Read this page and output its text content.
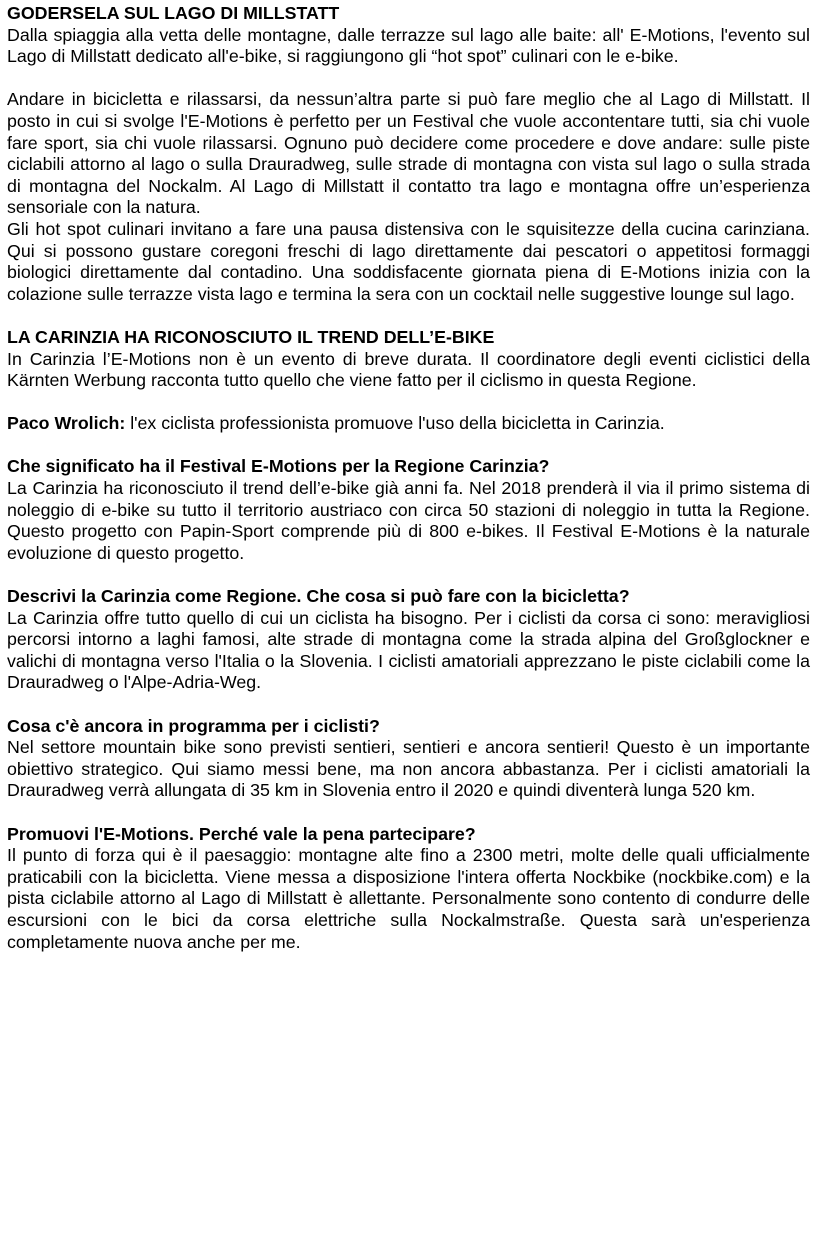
GODERSELA SUL LAGO DI MILLSTATT

Dalla spiaggia alla vetta delle montagne, dalle terrazze sul lago alle baite: all' E-Motions, l'evento sul Lago di Millstatt dedicato all'e-bike, si raggiungono gli “hot spot” culinari con le e-bike.

Andare in bicicletta e rilassarsi, da nessun’altra parte si può fare meglio che al Lago di Millstatt. Il posto in cui si svolge l'E-Motions è perfetto per un Festival che vuole accontentare tutti, sia chi vuole fare sport, sia chi vuole rilassarsi. Ognuno può decidere come procedere e dove andare: sulle piste ciclabili attorno al lago o sulla Drauradweg, sulle strade di montagna con vista sul lago o sulla strada di montagna del Nockalm. Al Lago di Millstatt il contatto tra lago e montagna offre un’esperienza sensoriale con la natura.

Gli hot spot culinari invitano a fare una pausa distensiva con le squisitezze della cucina carinziana. Qui si possono gustare coregoni freschi di lago direttamente dai pescatori o appetitosi formaggi biologici direttamente dal contadino. Una soddisfacente giornata piena di E-Motions inizia con la colazione sulle terrazze vista lago e termina la sera con un cocktail nelle suggestive lounge sul lago.

LA CARINZIA HA RICONOSCIUTO IL TREND DELL’E-BIKE

In Carinzia l’E-Motions non è un evento di breve durata. Il coordinatore degli eventi ciclistici della Kärnten Werbung racconta tutto quello che viene fatto per il ciclismo in questa Regione.

Paco Wrolich: l'ex ciclista professionista promuove l'uso della bicicletta in Carinzia.

Che significato ha il Festival E-Motions per la Regione Carinzia?

La Carinzia ha riconosciuto il trend dell’e-bike già anni fa. Nel 2018 prenderà il via il primo sistema di noleggio di e-bike su tutto il territorio austriaco con circa 50 stazioni di noleggio in tutta la Regione. Questo progetto con Papin-Sport comprende più di 800 e-bikes. Il Festival E-Motions è la naturale evoluzione di questo progetto.

Descrivi la Carinzia come Regione. Che cosa si può fare con la bicicletta?

La Carinzia offre tutto quello di cui un ciclista ha bisogno. Per i ciclisti da corsa ci sono: meravigliosi percorsi intorno a laghi famosi, alte strade di montagna come la strada alpina del Großglockner e valichi di montagna verso l'Italia o la Slovenia. I ciclisti amatoriali apprezzano le piste ciclabili come la Drauradweg o l'Alpe-Adria-Weg.

Cosa c'è ancora in programma per i ciclisti?

Nel settore mountain bike sono previsti sentieri, sentieri e ancora sentieri! Questo è un importante obiettivo strategico. Qui siamo messi bene, ma non ancora abbastanza. Per i ciclisti amatoriali la Drauradweg verrà allungata di 35 km in Slovenia entro il 2020 e quindi diventerà lunga 520 km.

Promuovi l'E-Motions. Perché vale la pena partecipare?

Il punto di forza qui è il paesaggio: montagne alte fino a 2300 metri, molte delle quali ufficialmente praticabili con la bicicletta. Viene messa a disposizione l'intera offerta Nockbike (nockbike.com) e la pista ciclabile attorno al Lago di Millstatt è allettante. Personalmente sono contento di condurre delle escursioni con le bici da corsa elettriche sulla Nockalmstraße. Questa sarà un'esperienza completamente nuova anche per me.
